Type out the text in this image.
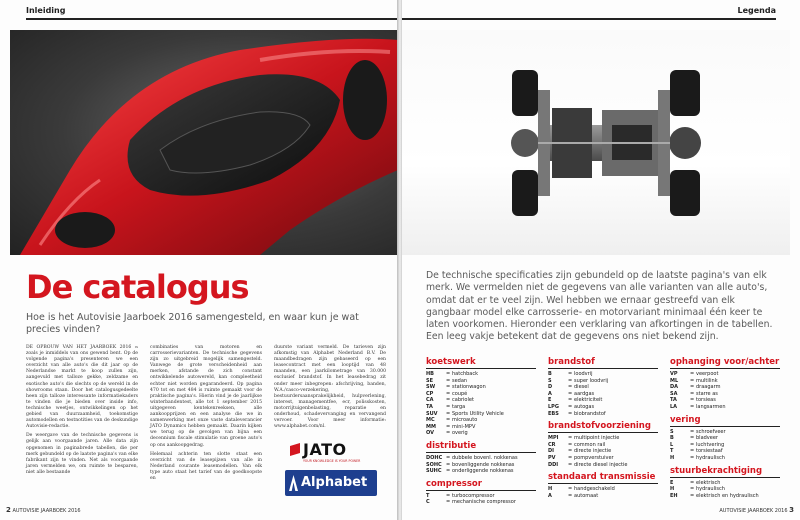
Inleiding
De catalogus
Hoe is het Autovisie Jaarboek 2016 samengesteld, en waar kun je wat precies vinden?

DE OPBOUW VAN HET JAARBOEK 2016 is zoals je inmiddels van ons gewend bent. Op de volgende pagina's presenteren we een overzicht van alle auto's die dit jaar op de Nederlandse markt te koop zullen zijn, aangevuld met talloze gekke, zeldzame en exotische auto's die slechts op de wereld in de showrooms staan. Door het catalogusgedeelte heen zijn talloze interessante informatiekaders te vinden die je bieden over inside info, technische weetjes, ontwikkelingen op het gebied van duurzaamheid, toekomstige automodellen en testnotities van de deskundige Autovisie-redactie.

De weergave van de technische gegevens is gelijk aan voorgaande jaren. Alle data zijn opgenomen in paginabrede tabellen, die per merk gebundeld op de laatste pagina's van elke fabrikant zijn te vinden. Net als voorgaande jaren vermelden we, om ruimte te besparen, niet alle bestaande

combinaties van motoren en carrosserievarianten. De technische gegevens zijn zo uitgebreid mogelijk samengesteld. Vanwege de grote verscheidenheid aan merken, afstande de zich constant ontwikkelende autowereld, kan compleetheid echter niet worden gegarandeerd. Op pagina 470 tot en met 484 is ruimte gemaakt voor de praktische pagina's. Hierin vind je de jaarlijkse winterbandentest, alle tot 1 september 2015 uitgegeven kentekenreeksen, alle aankoopprijzen en een analyse die we in samenwerking met onze vaste dataleverancier JATO Dynamics hebben gemaakt. Daarin kijken we terug op de gevolgen van bijna een decennium fiscale stimulatie van groene auto's op ons aankoopgedrag.

Helemaal achterin ten slotte staat een overzicht van de leasepijzen van alle in Nederland courante leasemodellen. Van elk type auto staat het tarief van de goedkoopste en

duurste variant vermeld. De tarieven zijn afkomstig van Alphabet Nederland B.V. De maandbedragen zijn gebaseerd op een leasecontract met een looptijd van 48 maanden, een jaarkilometrage van 30.000 exclusief brandstof. In het leasebedrag zit onder meer inbegrepen: afschrijving, banden, W.A./casco-verzekering, bestuurdersaansprakelijkheid, hulpverlening, interest, managementfee, ecr, polisskosten, motorrijtuigenbelasting, reparatie en onderhoud, schadevervanging en vervangend vervoer. Voor meer informatie: www.alphabet.com/nl.

JATO
YOUR KNOWLEDGE IS YOUR POWER
Alphabet
2 AUTOVISIE JAARBOEK 2016
Legenda
De technische specificaties zijn gebundeld op de laatste pagina's van elk merk. We vermelden niet de gegevens van alle varianten van alle auto's, omdat dat er te veel zijn. Wel hebben we ernaar gestreefd van elk gangbaar model elke carrosserie- en motorvariant minimaal één keer te laten voorkomen. Hieronder een verklaring van afkortingen in de tabellen. Een leeg vakje betekent dat de gegevens ons niet bekend zijn.
koetswerk
HB	= hatchback
SE	= sedan
SW	= stationwagon
CP	= coupé
CA	= cabriolet
TA	= targa
SUV	= Sports Utility Vehicle
MC	= microauto
MM	= mini-MPV
OV	= overig
distributie
DOHC = dubbele bovenl. nokkenas
SOHC = bovenliggende nokkenas
SUHC = onderliggende nokkenas
compressor
T	= turbocompressor
C	= mechanische compressor
brandstof
B	= loodvrij
S	= super loodvrij
D	= diesel
A	= aardgas
E	= elektriciteit
LPG	= autogas
EBS	= biobrandstof
brandstofvoorziening
MPI	= multipoint injectie
CR	= common rail
DI	= directe injectie
PV	= pompverstuiver
DDI	= directe diesel injectie
standaard transmissie
H	= handgeschakeld
A	= automaat
ophanging voor/achter
VP	= veerpoot
ML	= multilink
DA	= draagarm
SA	= starre as
TA	= torsieas
LA	= langsarmen
vering
S	= schroefveer
B	= bladveer
L	= luchtvering
T	= torsiestaaf
H	= hydraulisch
stuurbekrachtiging
E	= elektrisch
H	= hydraulisch
EH	= elektrisch en hydraulisch
AUTOVISIE JAARBOEK 2016 3
